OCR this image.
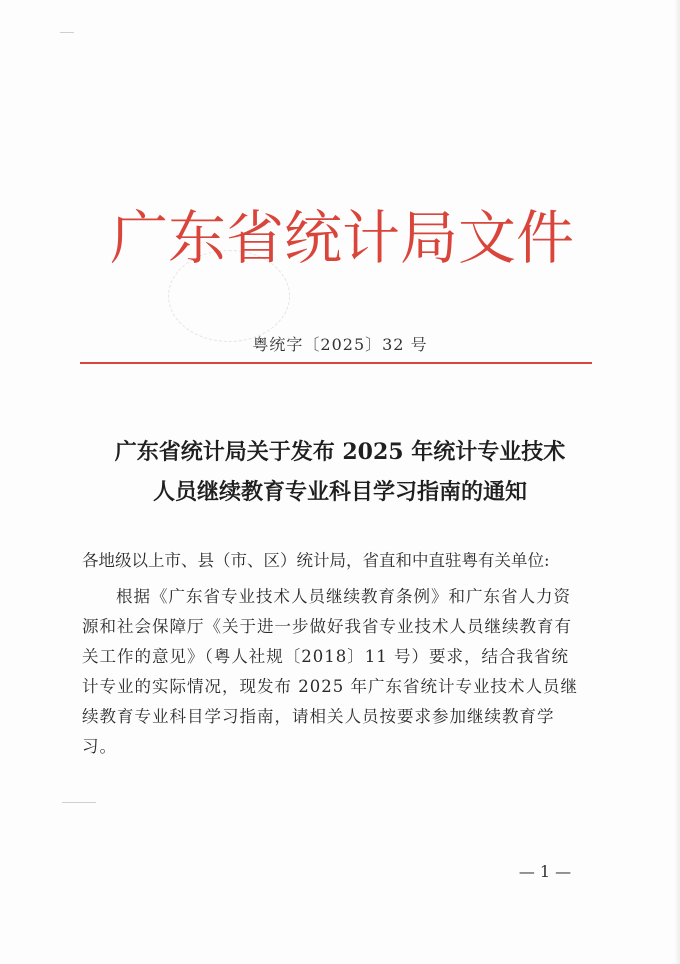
广东省统计局文件
粤统字〔2025〕32 号
广东省统计局关于发布 2025 年统计专业技术
人员继续教育专业科目学习指南的通知
各地级以上市、县（市、区）统计局，省直和中直驻粤有关单位:
根据《广东省专业技术人员继续教育条例》和广东省人力资
源和社会保障厅《关于进一步做好我省专业技术人员继续教育有
关工作的意见》（粤人社规〔2018〕11 号）要求，结合我省统
计专业的实际情况，现发布 2025 年广东省统计专业技术人员继
续教育专业科目学习指南，请相关人员按要求参加继续教育学
习。
— 1 —
